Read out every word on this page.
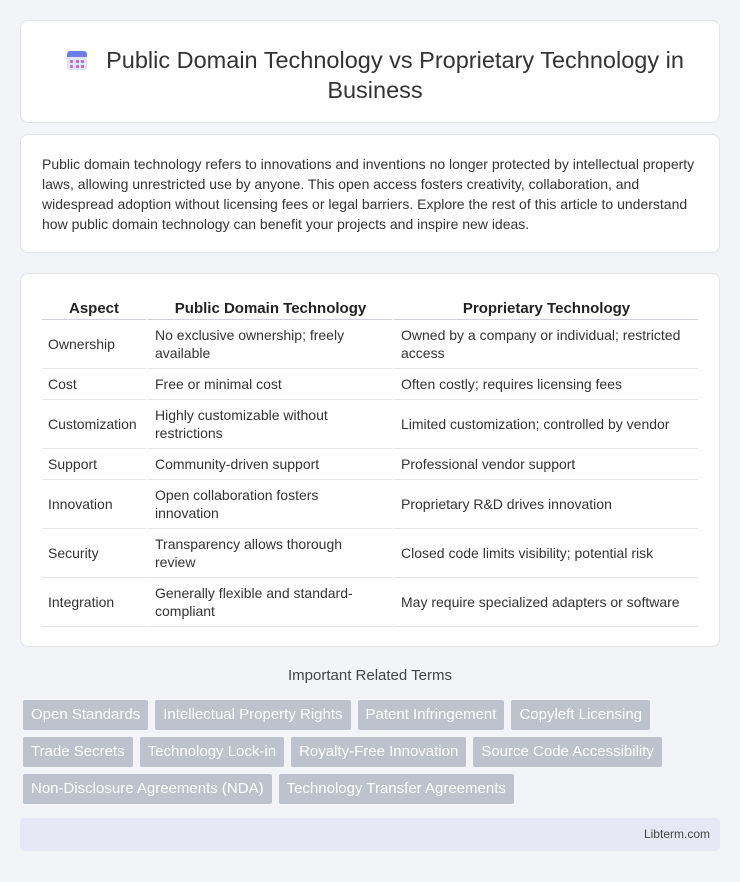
Public Domain Technology vs Proprietary Technology in Business

Public domain technology refers to innovations and inventions no longer protected by intellectual property laws, allowing unrestricted use by anyone. This open access fosters creativity, collaboration, and widespread adoption without licensing fees or legal barriers. Explore the rest of this article to understand how public domain technology can benefit your projects and inspire new ideas.

Aspect	Public Domain Technology	Proprietary Technology
Ownership	No exclusive ownership; freely available	Owned by a company or individual; restricted access
Cost	Free or minimal cost	Often costly; requires licensing fees
Customization	Highly customizable without restrictions	Limited customization; controlled by vendor
Support	Community-driven support	Professional vendor support
Innovation	Open collaboration fosters innovation	Proprietary R&D drives innovation
Security	Transparency allows thorough review	Closed code limits visibility; potential risk
Integration	Generally flexible and standard-compliant	May require specialized adapters or software
Important Related Terms
Open Standards	Intellectual Property Rights	Patent Infringement	Copyleft Licensing
Trade Secrets	Technology Lock-in	Royalty-Free Innovation	Source Code Accessibility
Non-Disclosure Agreements (NDA)	Technology Transfer Agreements
Libterm.com
